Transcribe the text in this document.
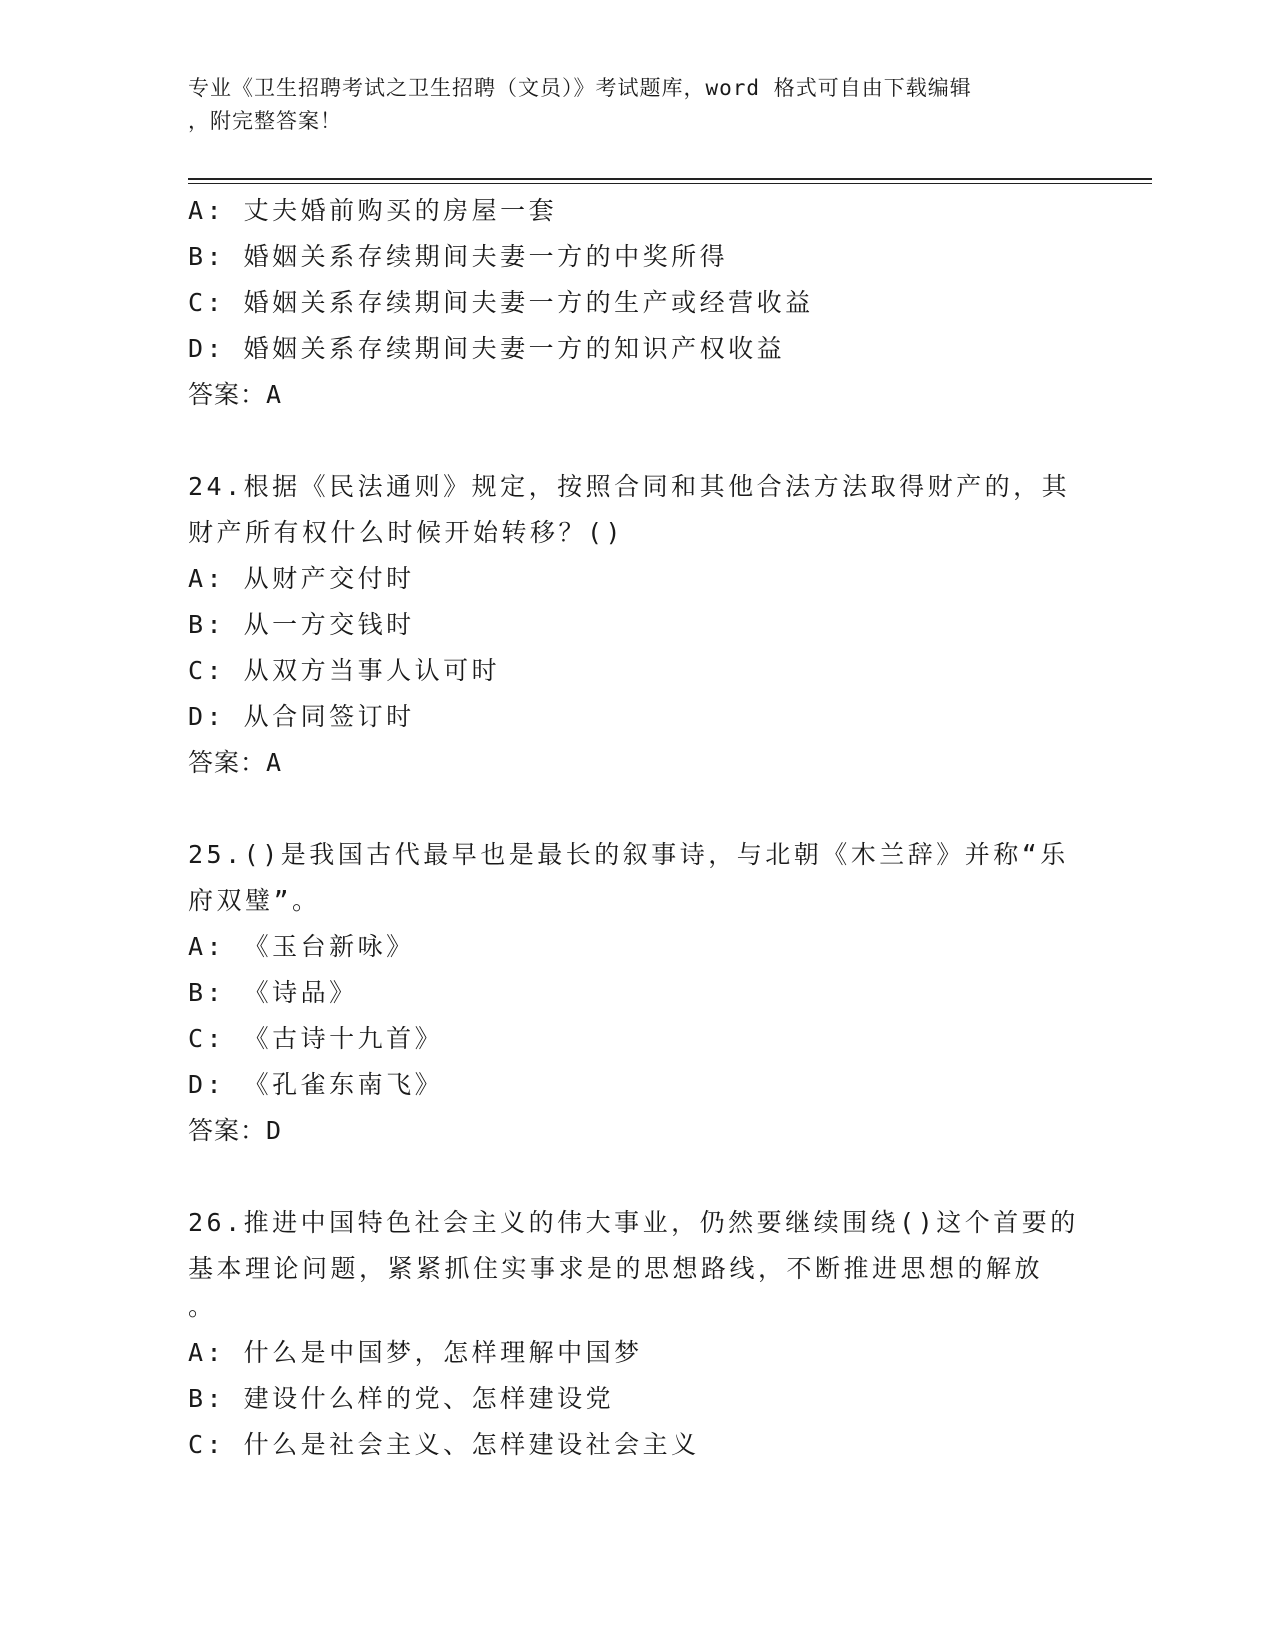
专业《卫生招聘考试之卫生招聘（文员）》考试题库，word 格式可自由下载编辑
，附完整答案！
A: 丈夫婚前购买的房屋一套
B: 婚姻关系存续期间夫妻一方的中奖所得
C: 婚姻关系存续期间夫妻一方的生产或经营收益
D: 婚姻关系存续期间夫妻一方的知识产权收益
答案：A
24.根据《民法通则》规定，按照合同和其他合法方法取得财产的，其
财产所有权什么时候开始转移？()
A: 从财产交付时
B: 从一方交钱时
C: 从双方当事人认可时
D: 从合同签订时
答案：A
25.()是我国古代最早也是最长的叙事诗，与北朝《木兰辞》并称“乐
府双璧”。
A: 《玉台新咏》
B: 《诗品》
C: 《古诗十九首》
D: 《孔雀东南飞》
答案：D
26.推进中国特色社会主义的伟大事业，仍然要继续围绕()这个首要的
基本理论问题，紧紧抓住实事求是的思想路线，不断推进思想的解放
。
A: 什么是中国梦，怎样理解中国梦
B: 建设什么样的党、怎样建设党
C: 什么是社会主义、怎样建设社会主义
